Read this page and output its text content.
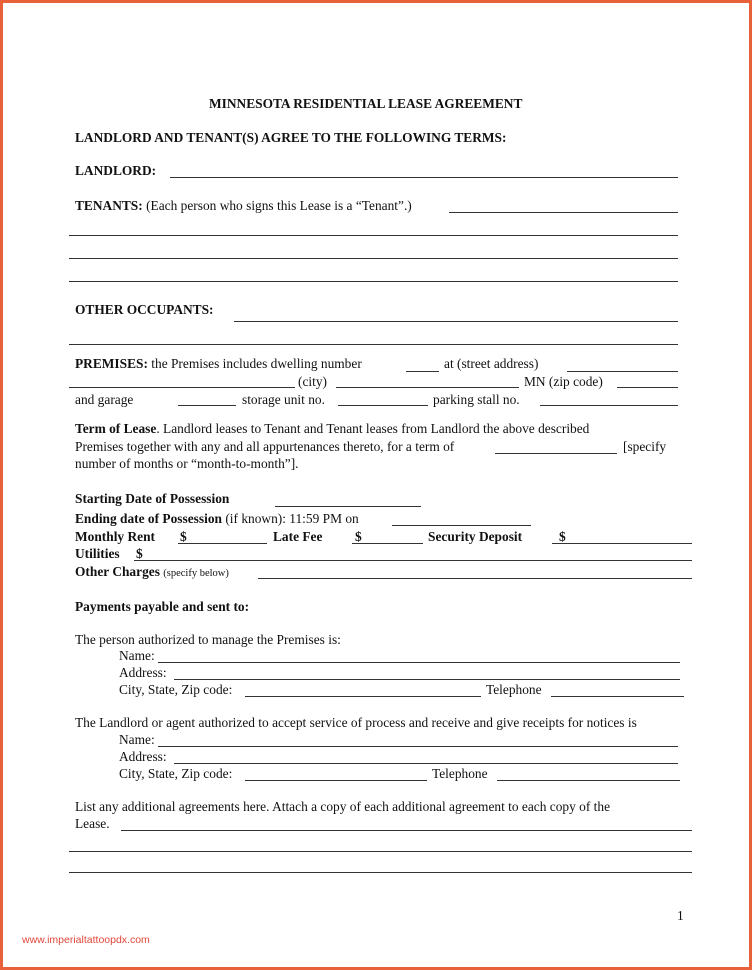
MINNESOTA RESIDENTIAL LEASE AGREEMENT
LANDLORD AND TENANT(S) AGREE TO THE FOLLOWING TERMS:
LANDLORD:
TENANTS: (Each person who signs this Lease is a “Tenant”.)
OTHER OCCUPANTS:
PREMISES: the Premises includes dwelling number	at (street address)
(city)	MN (zip code)
and garage	storage unit no.	parking stall no.
Term of Lease. Landlord leases to Tenant and Tenant leases from Landlord the above described
Premises together with any and all appurtenances thereto, for a term of	[specify
number of months or “month-to-month”].
Starting Date of Possession
Ending date of Possession (if known): 11:59 PM on
Monthly Rent $	Late Fee $	Security Deposit	$
Utilities $
Other Charges (specify below)
Payments payable and sent to:
The person authorized to manage the Premises is:
Name:
Address:
City, State, Zip code:	Telephone
The Landlord or agent authorized to accept service of process and receive and give receipts for notices is
Name:
Address:
City, State, Zip code:	Telephone
List any additional agreements here. Attach a copy of each additional agreement to each copy of the
Lease.
1
www.imperialtattoopdx.com
